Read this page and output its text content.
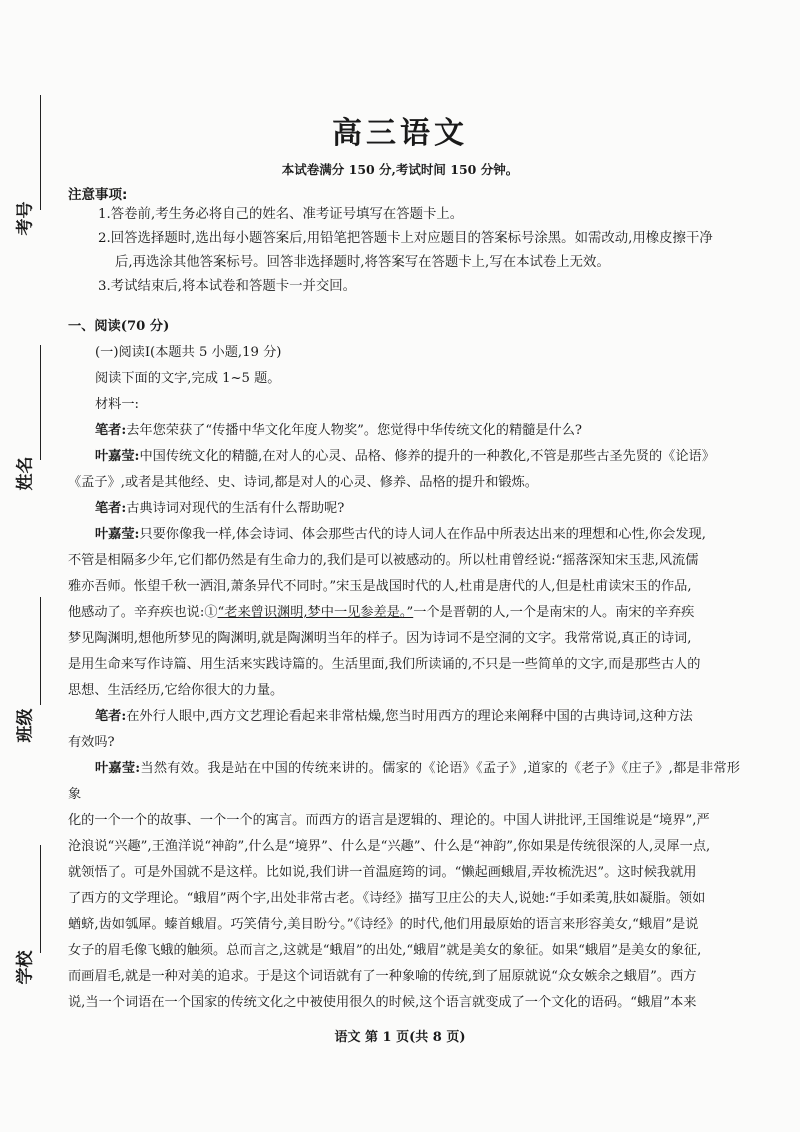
考号
姓名
班级
学校
高三语文
本试卷满分 150 分,考试时间 150 分钟。
注意事项:
1.答卷前,考生务必将自己的姓名、准考证号填写在答题卡上。
2.回答选择题时,选出每小题答案后,用铅笔把答题卡上对应题目的答案标号涂黑。如需改动,用橡皮擦干净
后,再选涂其他答案标号。回答非选择题时,将答案写在答题卡上,写在本试卷上无效。
3.考试结束后,将本试卷和答题卡一并交回。

一、阅读(70 分)

(一)阅读Ⅰ(本题共 5 小题,19 分)

阅读下面的文字,完成 1~5 题。

材料一:

笔者:去年您荣获了“传播中华文化年度人物奖”。您觉得中华传统文化的精髓是什么?

叶嘉莹:中国传统文化的精髓,在对人的心灵、品格、修养的提升的一种教化,不管是那些古圣先贤的《论语》

《孟子》,或者是其他经、史、诗词,都是对人的心灵、修养、品格的提升和锻炼。

笔者:古典诗词对现代的生活有什么帮助呢?

叶嘉莹:只要你像我一样,体会诗词、体会那些古代的诗人词人在作品中所表达出来的理想和心性,你会发现,

不管是相隔多少年,它们都仍然是有生命力的,我们是可以被感动的。所以杜甫曾经说:“摇落深知宋玉悲,风流儒

雅亦吾师。怅望千秋一洒泪,萧条异代不同时。”宋玉是战国时代的人,杜甫是唐代的人,但是杜甫读宋玉的作品,

他感动了。辛弃疾也说:①“老来曾识渊明,梦中一见参差是。”一个是晋朝的人,一个是南宋的人。南宋的辛弃疾

梦见陶渊明,想他所梦见的陶渊明,就是陶渊明当年的样子。因为诗词不是空洞的文字。我常常说,真正的诗词,

是用生命来写作诗篇、用生活来实践诗篇的。生活里面,我们所读诵的,不只是一些简单的文字,而是那些古人的

思想、生活经历,它给你很大的力量。

笔者:在外行人眼中,西方文艺理论看起来非常枯燥,您当时用西方的理论来阐释中国的古典诗词,这种方法

有效吗?

叶嘉莹:当然有效。我是站在中国的传统来讲的。儒家的《论语》《孟子》,道家的《老子》《庄子》,都是非常形象

化的一个一个的故事、一个一个的寓言。而西方的语言是逻辑的、理论的。中国人讲批评,王国维说是“境界”,严

沧浪说“兴趣”,王渔洋说“神韵”,什么是“境界”、什么是“兴趣”、什么是“神韵”,你如果是传统很深的人,灵犀一点,

就领悟了。可是外国就不是这样。比如说,我们讲一首温庭筠的词。“懒起画蛾眉,弄妆梳洗迟”。这时候我就用

了西方的文学理论。“蛾眉”两个字,出处非常古老。《诗经》描写卫庄公的夫人,说她:“手如柔荑,肤如凝脂。领如

蝤蛴,齿如瓠犀。螓首蛾眉。巧笑倩兮,美目盼兮。”《诗经》的时代,他们用最原始的语言来形容美女,“蛾眉”是说

女子的眉毛像飞蛾的触须。总而言之,这就是“蛾眉”的出处,“蛾眉”就是美女的象征。如果“蛾眉”是美女的象征,

而画眉毛,就是一种对美的追求。于是这个词语就有了一种象喻的传统,到了屈原就说“众女嫉余之蛾眉”。西方

说,当一个词语在一个国家的传统文化之中被使用很久的时候,这个语言就变成了一个文化的语码。“蛾眉”本来

语文 第 1 页(共 8 页)
